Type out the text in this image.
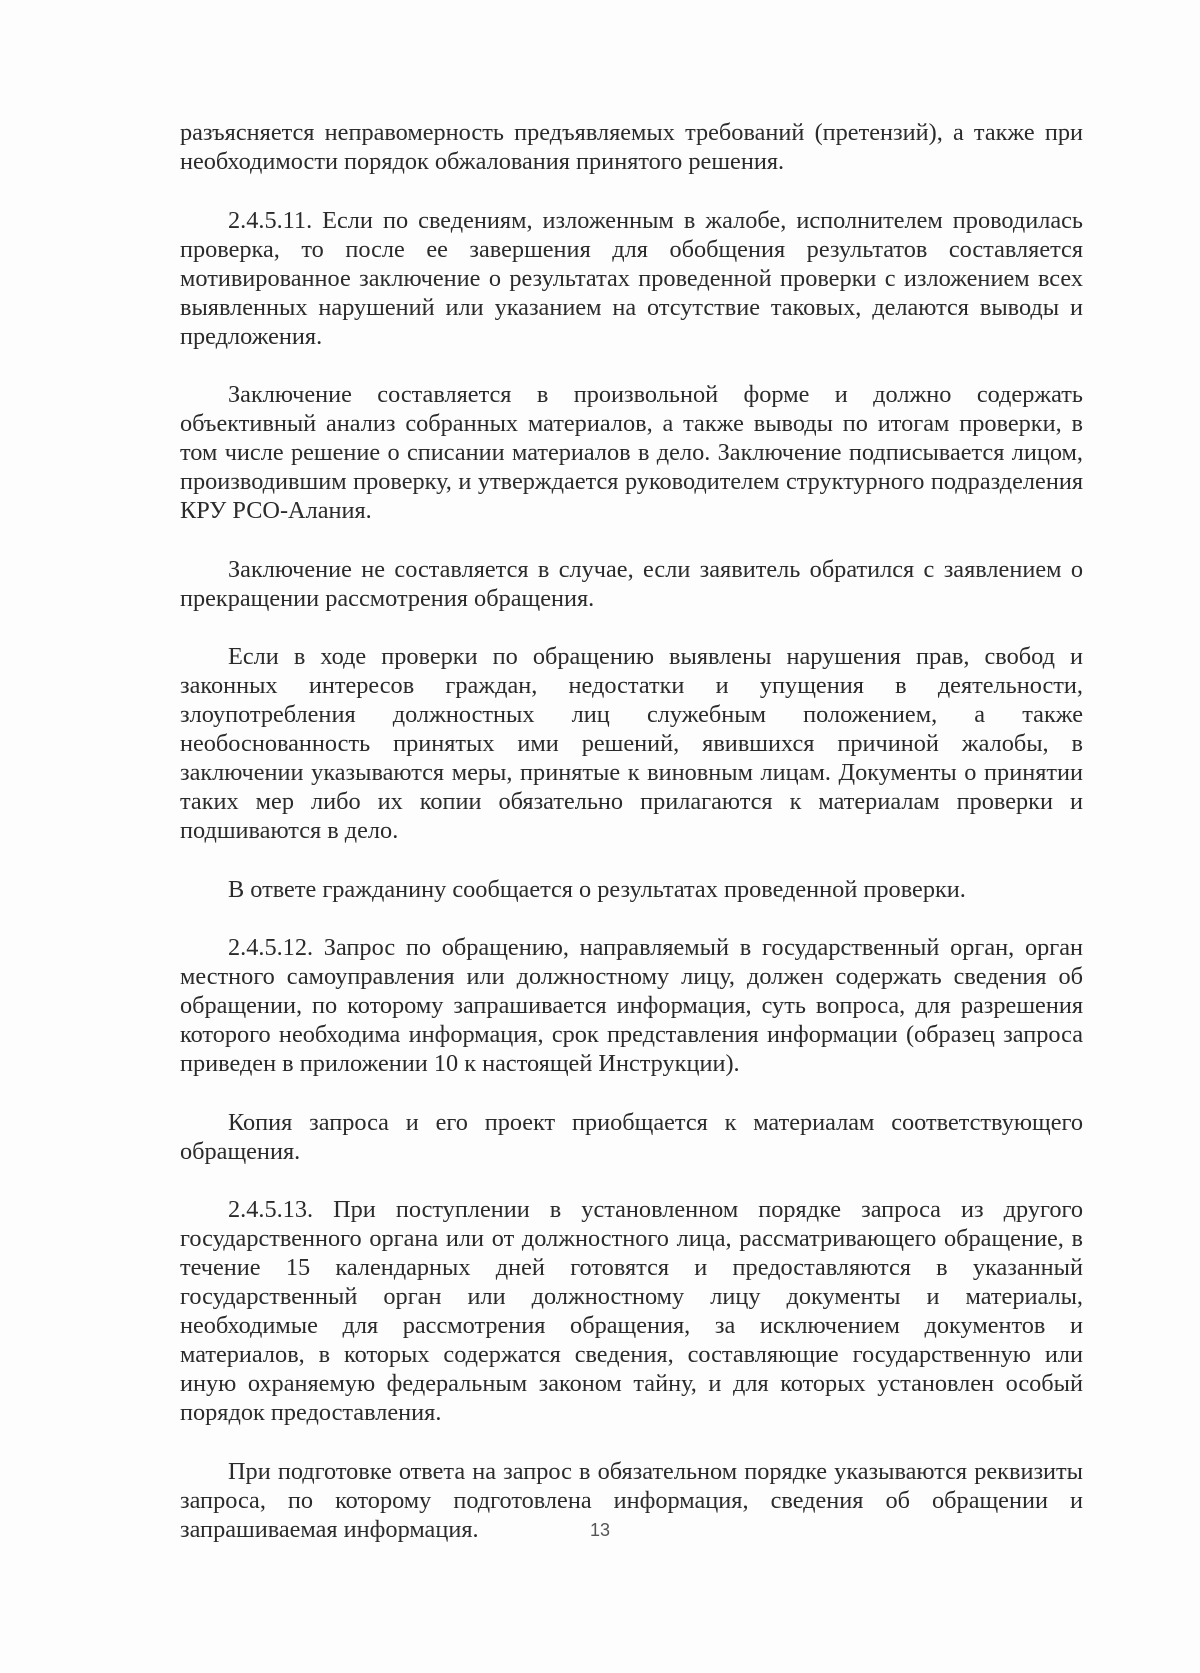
разъясняется неправомерность предъявляемых требований (претензий), а также при необходимости порядок обжалования принятого решения.

2.4.5.11. Если по сведениям, изложенным в жалобе, исполнителем проводилась проверка, то после ее завершения для обобщения результатов составляется мотивированное заключение о результатах проведенной проверки с изложением всех выявленных нарушений или указанием на отсутствие таковых, делаются выводы и предложения.

Заключение составляется в произвольной форме и должно содержать объективный анализ собранных материалов, а также выводы по итогам проверки, в том числе решение о списании материалов в дело. Заключение подписывается лицом, производившим проверку, и утверждается руководителем структурного подразделения КРУ РСО-Алания.

Заключение не составляется в случае, если заявитель обратился с заявлением о прекращении рассмотрения обращения.

Если в ходе проверки по обращению выявлены нарушения прав, свобод и законных интересов граждан, недостатки и упущения в деятельности, злоупотребления должностных лиц служебным положением, а также необоснованность принятых ими решений, явившихся причиной жалобы, в заключении указываются меры, принятые к виновным лицам. Документы о принятии таких мер либо их копии обязательно прилагаются к материалам проверки и подшиваются в дело.

В ответе гражданину сообщается о результатах проведенной проверки.

2.4.5.12. Запрос по обращению, направляемый в государственный орган, орган местного самоуправления или должностному лицу, должен содержать сведения об обращении, по которому запрашивается информация, суть вопроса, для разрешения которого необходима информация, срок представления информации (образец запроса приведен в приложении 10 к настоящей Инструкции).

Копия запроса и его проект приобщается к материалам соответствующего обращения.

2.4.5.13. При поступлении в установленном порядке запроса из другого государственного органа или от должностного лица, рассматривающего обращение, в течение 15 календарных дней готовятся и предоставляются в указанный государственный орган или должностному лицу документы и материалы, необходимые для рассмотрения обращения, за исключением документов и материалов, в которых содержатся сведения, составляющие государственную или иную охраняемую федеральным законом тайну, и для которых установлен особый порядок предоставления.

При подготовке ответа на запрос в обязательном порядке указываются реквизиты запроса, по которому подготовлена информация, сведения об обращении и запрашиваемая информация.	13
